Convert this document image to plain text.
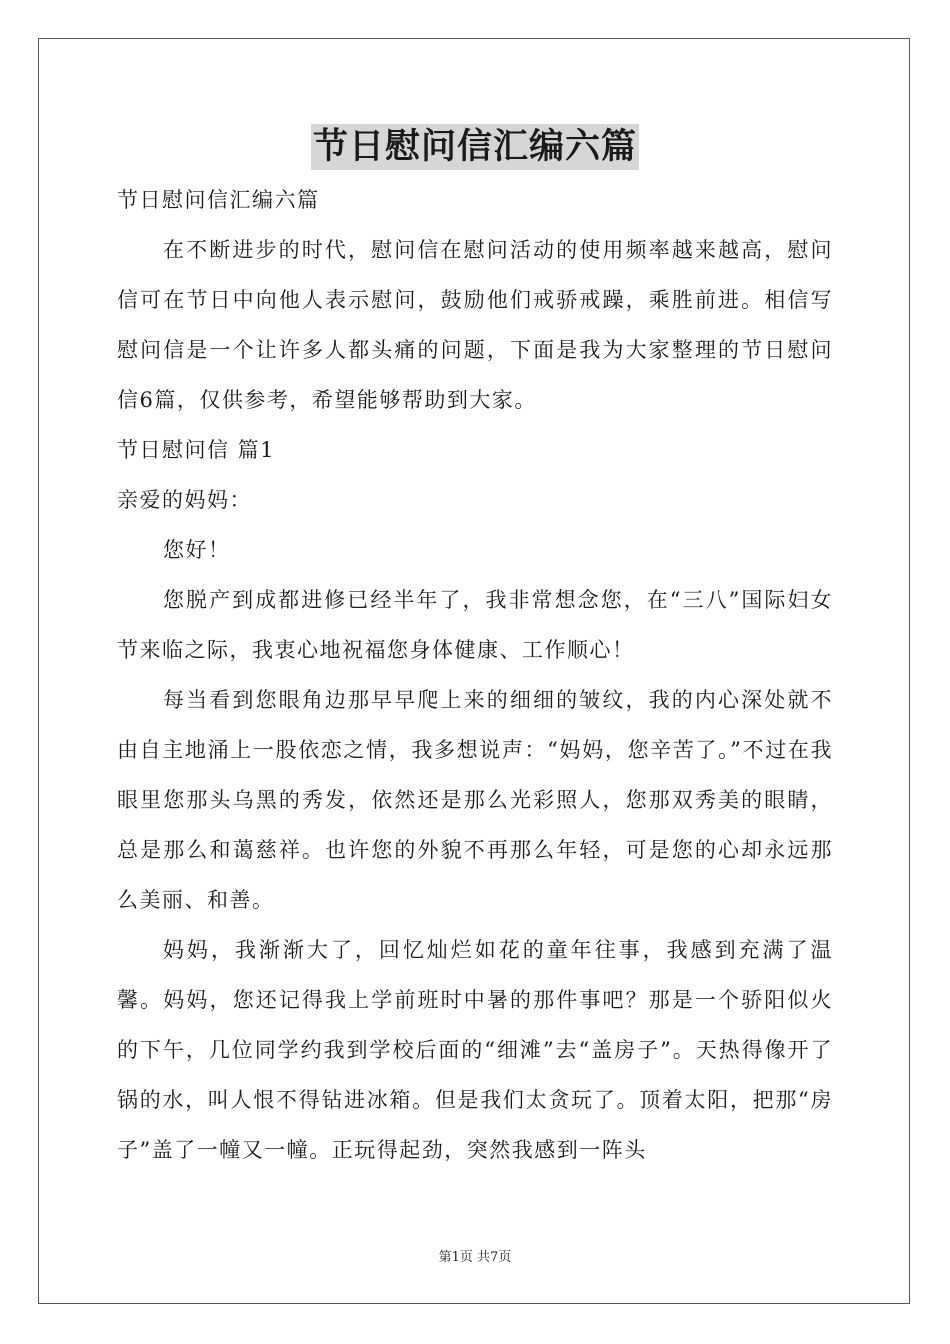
节日慰问信汇编六篇

节日慰问信汇编六篇

在不断进步的时代，慰问信在慰问活动的使用频率越来越高，慰问信可在节日中向他人表示慰问，鼓励他们戒骄戒躁，乘胜前进。相信写慰问信是一个让许多人都头痛的问题，下面是我为大家整理的节日慰问信6篇，仅供参考，希望能够帮助到大家。

节日慰问信 篇1

亲爱的妈妈：

您好！

您脱产到成都进修已经半年了，我非常想念您，在“三八”国际妇女节来临之际，我衷心地祝福您身体健康、工作顺心！

每当看到您眼角边那早早爬上来的细细的皱纹，我的内心深处就不由自主地涌上一股依恋之情，我多想说声：“妈妈，您辛苦了。”不过在我眼里您那头乌黑的秀发，依然还是那么光彩照人，您那双秀美的眼睛，总是那么和蔼慈祥。也许您的外貌不再那么年轻，可是您的心却永远那么美丽、和善。

妈妈，我渐渐大了，回忆灿烂如花的童年往事，我感到充满了温馨。妈妈，您还记得我上学前班时中暑的那件事吧？那是一个骄阳似火的下午，几位同学约我到学校后面的“细滩”去“盖房子”。天热得像开了锅的水，叫人恨不得钻进冰箱。但是我们太贪玩了。顶着太阳，把那“房子”盖了一幢又一幢。正玩得起劲，突然我感到一阵头

第1页 共7页
